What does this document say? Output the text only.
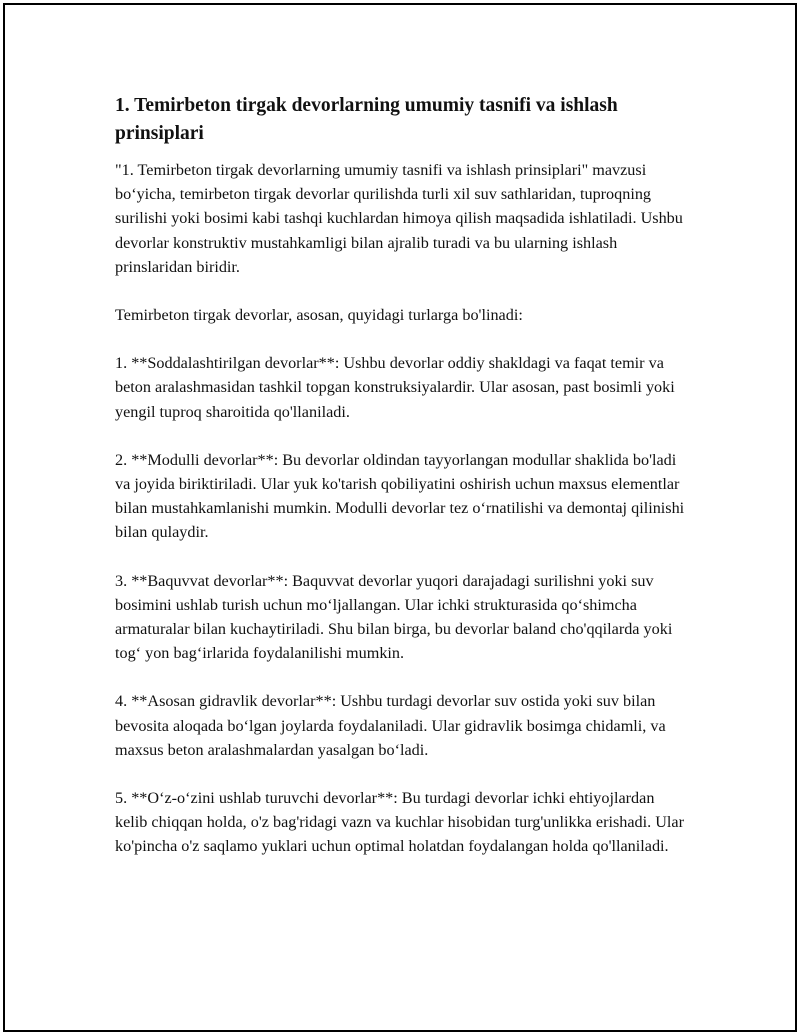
1. Temirbeton tirgak devorlarning umumiy tasnifi va ishlash prinsiplari

"1. Temirbeton tirgak devorlarning umumiy tasnifi va ishlash prinsiplari" mavzusi bo‘yicha, temirbeton tirgak devorlar qurilishda turli xil suv sathlaridan, tuproqning surilishi yoki bosimi kabi tashqi kuchlardan himoya qilish maqsadida ishlatiladi. Ushbu devorlar konstruktiv mustahkamligi bilan ajralib turadi va bu ularning ishlash prinslaridan biridir.

Temirbeton tirgak devorlar, asosan, quyidagi turlarga bo'linadi:

1. **Soddalashtirilgan devorlar**: Ushbu devorlar oddiy shakldagi va faqat temir va beton aralashmasidan tashkil topgan konstruksiyalardir. Ular asosan, past bosimli yoki yengil tuproq sharoitida qo'llaniladi.

2. **Modulli devorlar**: Bu devorlar oldindan tayyorlangan modullar shaklida bo'ladi va joyida biriktiriladi. Ular yuk ko'tarish qobiliyatini oshirish uchun maxsus elementlar bilan mustahkamlanishi mumkin. Modulli devorlar tez o‘rnatilishi va demontaj qilinishi bilan qulaydir.

3. **Baquvvat devorlar**: Baquvvat devorlar yuqori darajadagi surilishni yoki suv bosimini ushlab turish uchun mo‘ljallangan. Ular ichki strukturasida qo‘shimcha armaturalar bilan kuchaytiriladi. Shu bilan birga, bu devorlar baland cho'qqilarda yoki tog‘ yon bag‘irlarida foydalanilishi mumkin.

4. **Asosan gidravlik devorlar**: Ushbu turdagi devorlar suv ostida yoki suv bilan bevosita aloqada bo‘lgan joylarda foydalaniladi. Ular gidravlik bosimga chidamli, va maxsus beton aralashmalardan yasalgan bo‘ladi.

5. **O‘z-o‘zini ushlab turuvchi devorlar**: Bu turdagi devorlar ichki ehtiyojlardan kelib chiqqan holda, o'z bag'ridagi vazn va kuchlar hisobidan turg'unlikka erishadi. Ular ko'pincha o'z saqlamo yuklari uchun optimal holatdan foydalangan holda qo'llaniladi.
